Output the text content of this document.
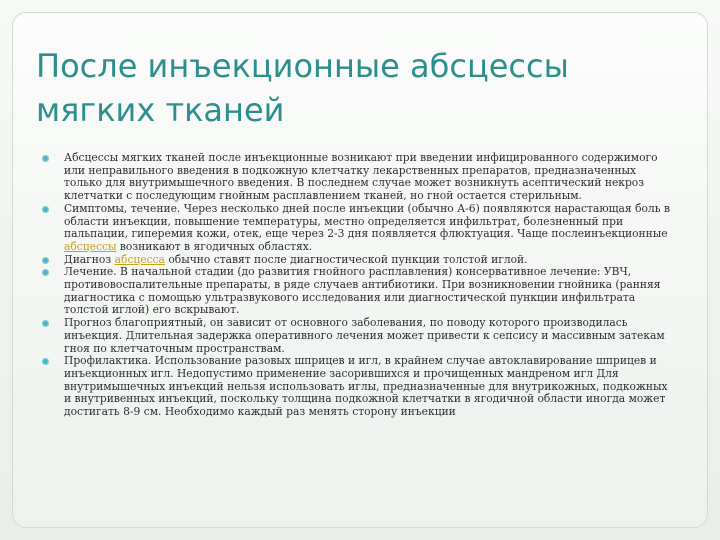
После инъекционные абсцессы
мягких тканей
Абсцессы мягких тканей после инъекционные возникают при введении инфицированного содержимого или неправильного введения в подкожную клетчатку лекарственных препаратов, предназначенных только для внутримышечного введения. В последнем случае может возникнуть асептический некроз клетчатки с последующим гнойным расплавлением тканей, но гной остается стерильным.
Симптомы, течение. Через несколько дней после инъекции (обычно А-6) появляются нарастающая боль в области инъекции, повышение температуры, местно определяется инфильтрат, болезненный при пальпации, гиперемия кожи, отек, еще через 2-3 дня появляется флюктуация. Чаще послеинъекционные абсцессы возникают в ягодичных областях.
Диагноз абсцесса обычно ставят после диагностической пункции толстой иглой.
Лечение. В начальной стадии (до развития гнойного расплавления) консервативное лечение: УВЧ, противовоспалительные препараты, в ряде случаев антибиотики. При возникновении гнойника (ранняя диагностика с помощью ультразвукового исследования или диагностической пункции инфильтрата толстой иглой) его вскрывают.
Прогноз благоприятный, он зависит от основного заболевания, по поводу которого производилась инъекция. Длительная задержка оперативного лечения может привести к сепсису и массивным затекам гноя по клетчаточным пространствам.
Профилактика. Использование разовых шприцев и игл, в крайнем случае автоклавирование шприцев и инъекционных игл. Недопустимо применение засорившихся и прочищенных мандреном игл Для внутримышечных инъекций нельзя использовать иглы, предназначенные для внутрикожных, подкожных и внутривенных инъекций, поскольку толщина подкожной клетчатки в ягодичной области иногда может достигать 8-9 см. Необходимо каждый раз менять сторону инъекции
